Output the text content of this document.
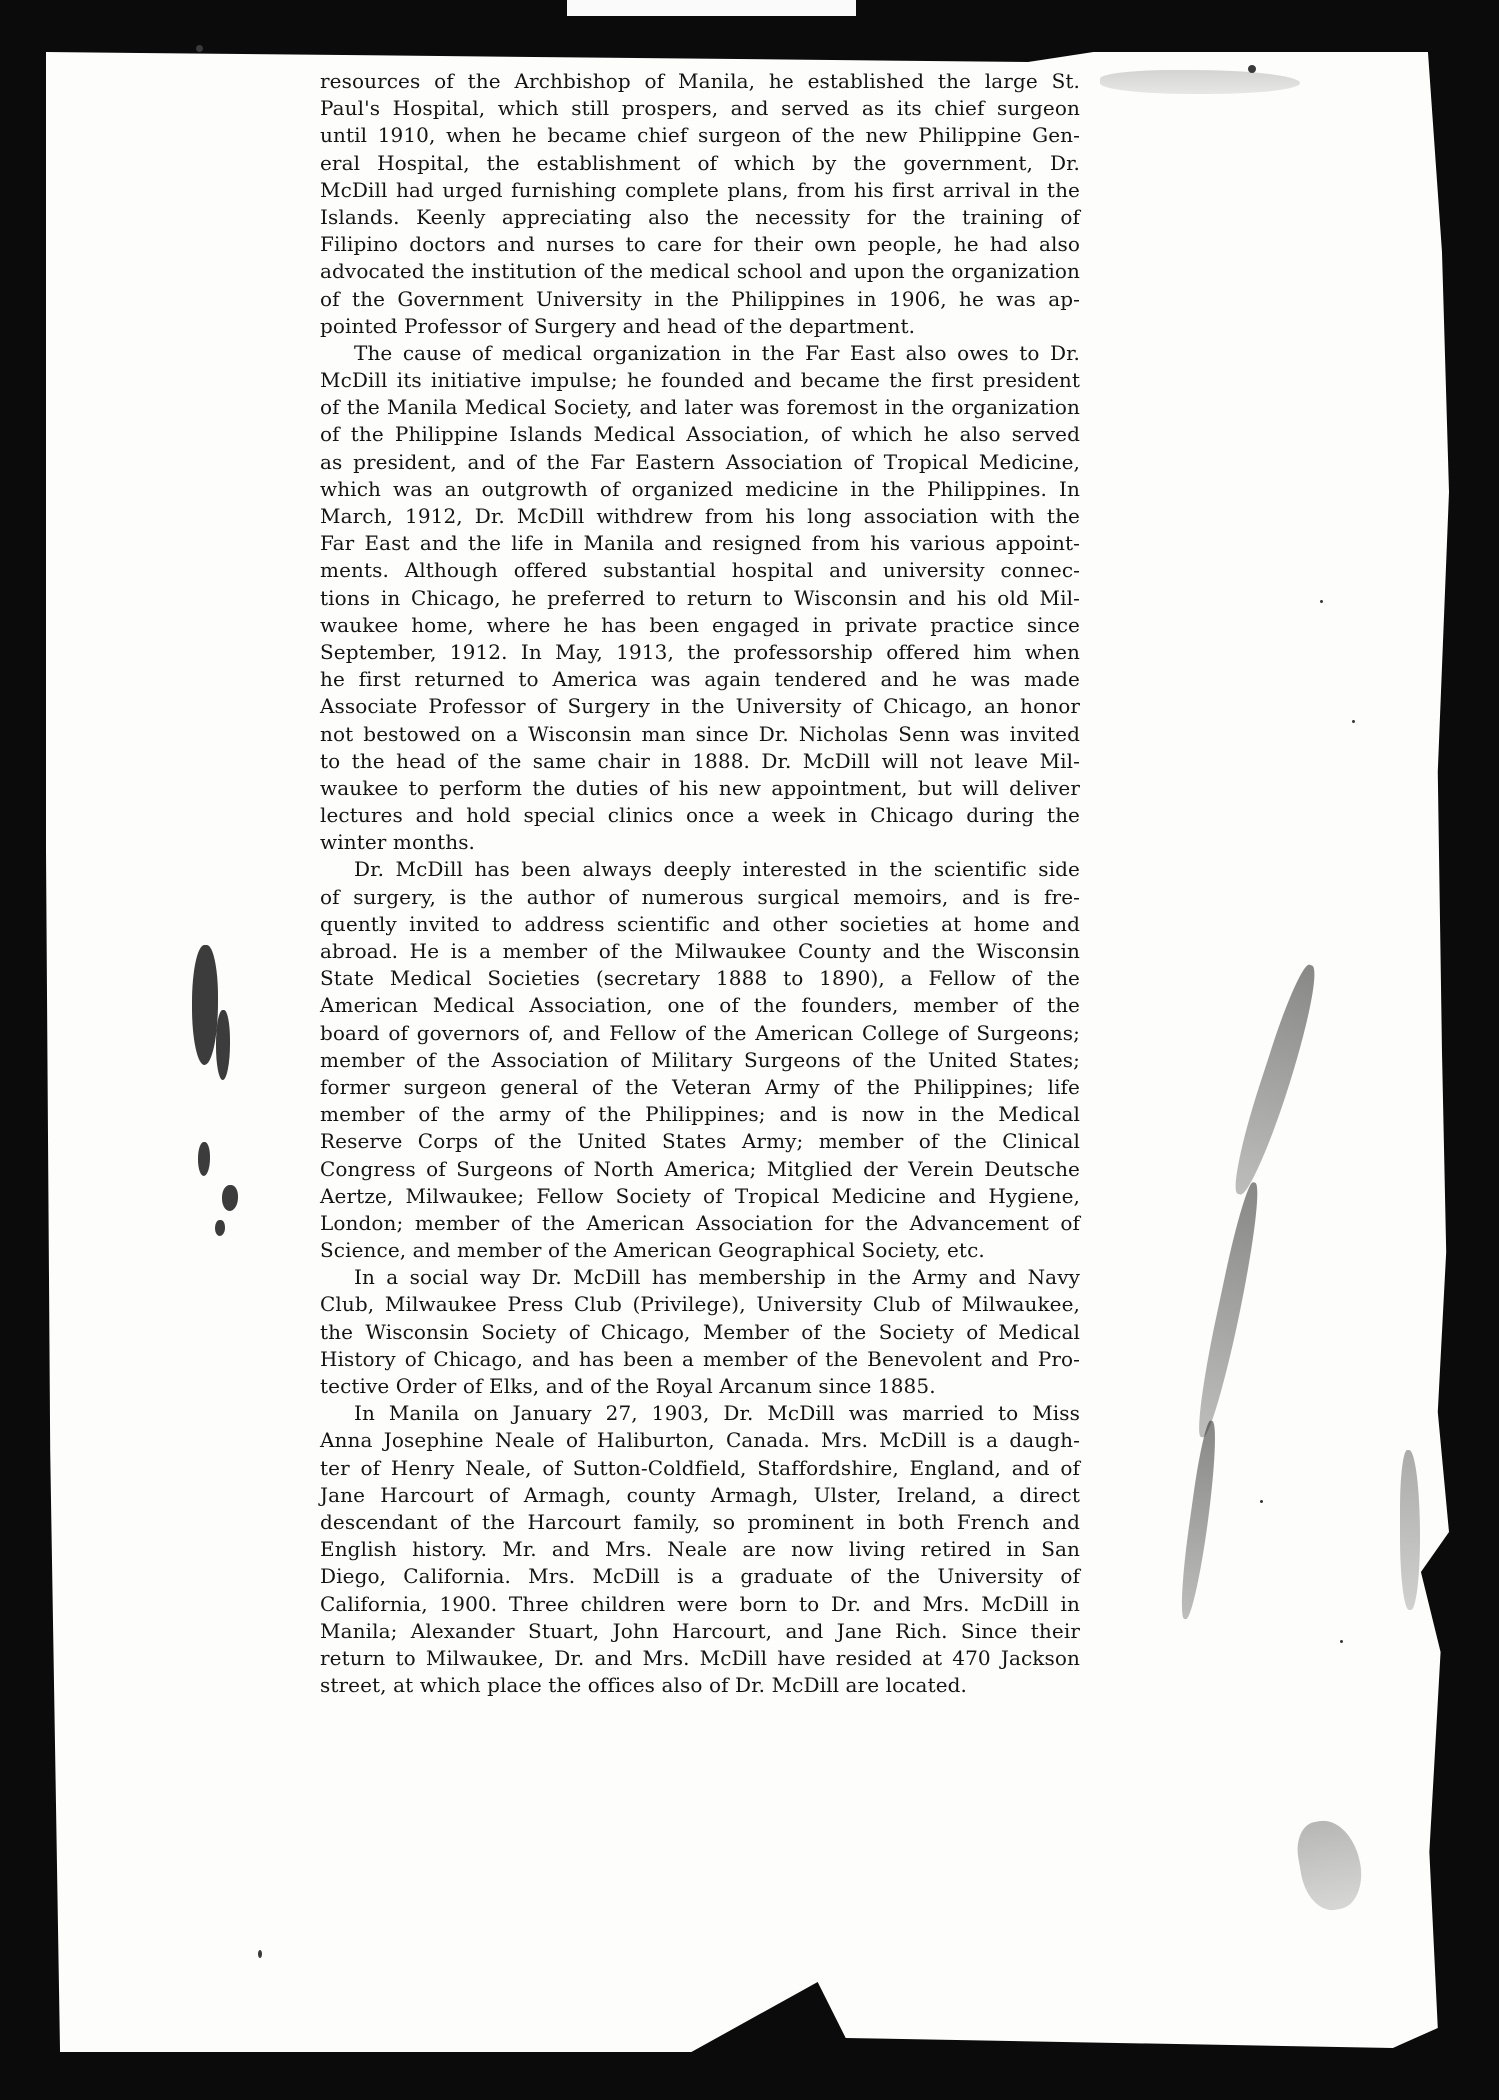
resources of the Archbishop of Manila, he established the large St.
Paul's Hospital, which still prospers, and served as its chief surgeon
until 1910, when he became chief surgeon of the new Philippine Gen-
eral Hospital, the establishment of which by the government, Dr.
McDill had urged furnishing complete plans, from his first arrival in the
Islands. Keenly appreciating also the necessity for the training of
Filipino doctors and nurses to care for their own people, he had also
advocated the institution of the medical school and upon the organization
of the Government University in the Philippines in 1906, he was ap-
pointed Professor of Surgery and head of the department.
The cause of medical organization in the Far East also owes to Dr.
McDill its initiative impulse; he founded and became the first president
of the Manila Medical Society, and later was foremost in the organization
of the Philippine Islands Medical Association, of which he also served
as president, and of the Far Eastern Association of Tropical Medicine,
which was an outgrowth of organized medicine in the Philippines. In
March, 1912, Dr. McDill withdrew from his long association with the
Far East and the life in Manila and resigned from his various appoint-
ments. Although offered substantial hospital and university connec-
tions in Chicago, he preferred to return to Wisconsin and his old Mil-
waukee home, where he has been engaged in private practice since
September, 1912. In May, 1913, the professorship offered him when
he first returned to America was again tendered and he was made
Associate Professor of Surgery in the University of Chicago, an honor
not bestowed on a Wisconsin man since Dr. Nicholas Senn was invited
to the head of the same chair in 1888. Dr. McDill will not leave Mil-
waukee to perform the duties of his new appointment, but will deliver
lectures and hold special clinics once a week in Chicago during the
winter months.
Dr. McDill has been always deeply interested in the scientific side
of surgery, is the author of numerous surgical memoirs, and is fre-
quently invited to address scientific and other societies at home and
abroad. He is a member of the Milwaukee County and the Wisconsin
State Medical Societies (secretary 1888 to 1890), a Fellow of the
American Medical Association, one of the founders, member of the
board of governors of, and Fellow of the American College of Surgeons;
member of the Association of Military Surgeons of the United States;
former surgeon general of the Veteran Army of the Philippines; life
member of the army of the Philippines; and is now in the Medical
Reserve Corps of the United States Army; member of the Clinical
Congress of Surgeons of North America; Mitglied der Verein Deutsche
Aertze, Milwaukee; Fellow Society of Tropical Medicine and Hygiene,
London; member of the American Association for the Advancement of
Science, and member of the American Geographical Society, etc.
In a social way Dr. McDill has membership in the Army and Navy
Club, Milwaukee Press Club (Privilege), University Club of Milwaukee,
the Wisconsin Society of Chicago, Member of the Society of Medical
History of Chicago, and has been a member of the Benevolent and Pro-
tective Order of Elks, and of the Royal Arcanum since 1885.
In Manila on January 27, 1903, Dr. McDill was married to Miss
Anna Josephine Neale of Haliburton, Canada. Mrs. McDill is a daugh-
ter of Henry Neale, of Sutton-Coldfield, Staffordshire, England, and of
Jane Harcourt of Armagh, county Armagh, Ulster, Ireland, a direct
descendant of the Harcourt family, so prominent in both French and
English history. Mr. and Mrs. Neale are now living retired in San
Diego, California. Mrs. McDill is a graduate of the University of
California, 1900. Three children were born to Dr. and Mrs. McDill in
Manila; Alexander Stuart, John Harcourt, and Jane Rich. Since their
return to Milwaukee, Dr. and Mrs. McDill have resided at 470 Jackson
street, at which place the offices also of Dr. McDill are located.
